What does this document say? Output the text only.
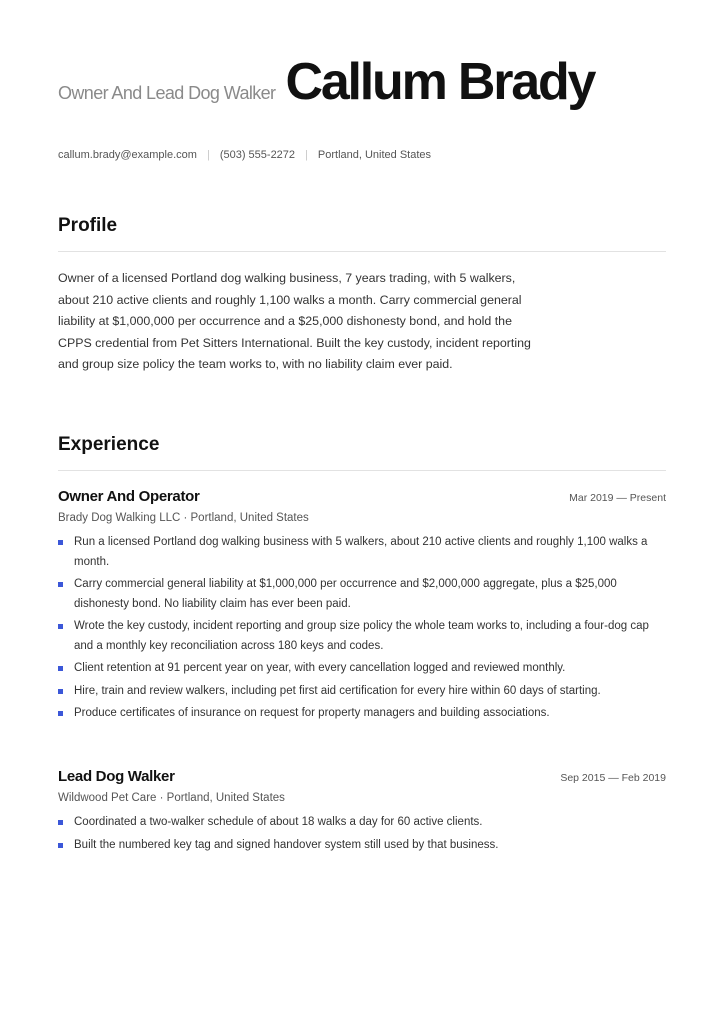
Owner And Lead Dog Walker Callum Brady
callum.brady@example.com | (503) 555-2272 | Portland, United States
Profile
Owner of a licensed Portland dog walking business, 7 years trading, with 5 walkers, about 210 active clients and roughly 1,100 walks a month. Carry commercial general liability at $1,000,000 per occurrence and a $25,000 dishonesty bond, and hold the CPPS credential from Pet Sitters International. Built the key custody, incident reporting and group size policy the team works to, with no liability claim ever paid.
Experience
Owner And Operator	Mar 2019 — Present
Brady Dog Walking LLC · Portland, United States
Run a licensed Portland dog walking business with 5 walkers, about 210 active clients and roughly 1,100 walks a month.
Carry commercial general liability at $1,000,000 per occurrence and $2,000,000 aggregate, plus a $25,000 dishonesty bond. No liability claim has ever been paid.
Wrote the key custody, incident reporting and group size policy the whole team works to, including a four-dog cap and a monthly key reconciliation across 180 keys and codes.
Client retention at 91 percent year on year, with every cancellation logged and reviewed monthly.
Hire, train and review walkers, including pet first aid certification for every hire within 60 days of starting.
Produce certificates of insurance on request for property managers and building associations.
Lead Dog Walker	Sep 2015 — Feb 2019
Wildwood Pet Care · Portland, United States
Coordinated a two-walker schedule of about 18 walks a day for 60 active clients.
Built the numbered key tag and signed handover system still used by that business.
